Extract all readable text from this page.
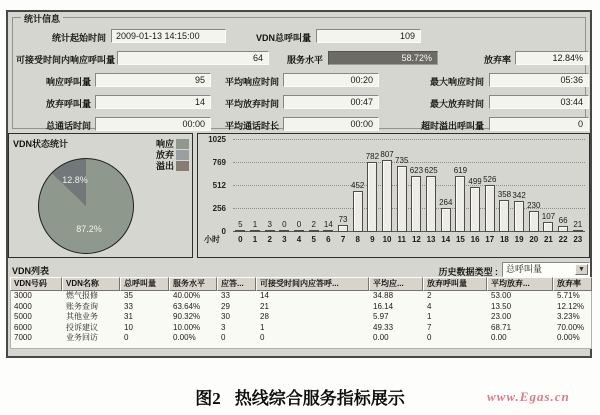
统计信息
统计起始时间	2009-01-13 14:15:00	VDN总呼叫量	109
可接受时间内响应呼叫量	64	服务水平	58.72%	放弃率	12.84%
响应呼叫量	95	平均响应时间	00:20	最大响应时间	05:36
放弃呼叫量	14	平均放弃时间	00:47	最大放弃时间	03:44
总通话时间	00:00	平均通话时长	00:00	超时溢出呼叫量	0
VDN状态统计	响应
放弃
溢出
12.8%
87.2%	0
256
512
769
1025
5 1 3 0 0 2 14
73
452
782 807
735
623 625
264
619
499 526
358 342
230
107 66 21
0	1	2	3	4	5	6	7	8	9 10 11 12 13 14 15 16 17 18 19 20 21 22 23
小时
VDN列表	历史数据类型 : 总呼叫量	▼
VDN号码	VDN名称	总呼叫量	服务水平	应答...	可接受时间内应答呼...	平均应...	放弃呼叫量	平均放弃...	放弃率
3000	燃气报修	35	40.00%	33	14	34.88	2	53.00	5.71%
4000	账务查询	33	63.64%	29	21	16.14	4	13.50	12.12%
5000	其他业务	31	90.32%	30	28	5.97	1	23.00	3.23%
6000	投诉建议	10	10.00%	3	1	49.33	7	68.71	70.00%
7000	业务回访	0	0.00%	0	0	0.00	0	0.00	0.00%
图2 热线综合服务指标展示	www.Egas.cn
